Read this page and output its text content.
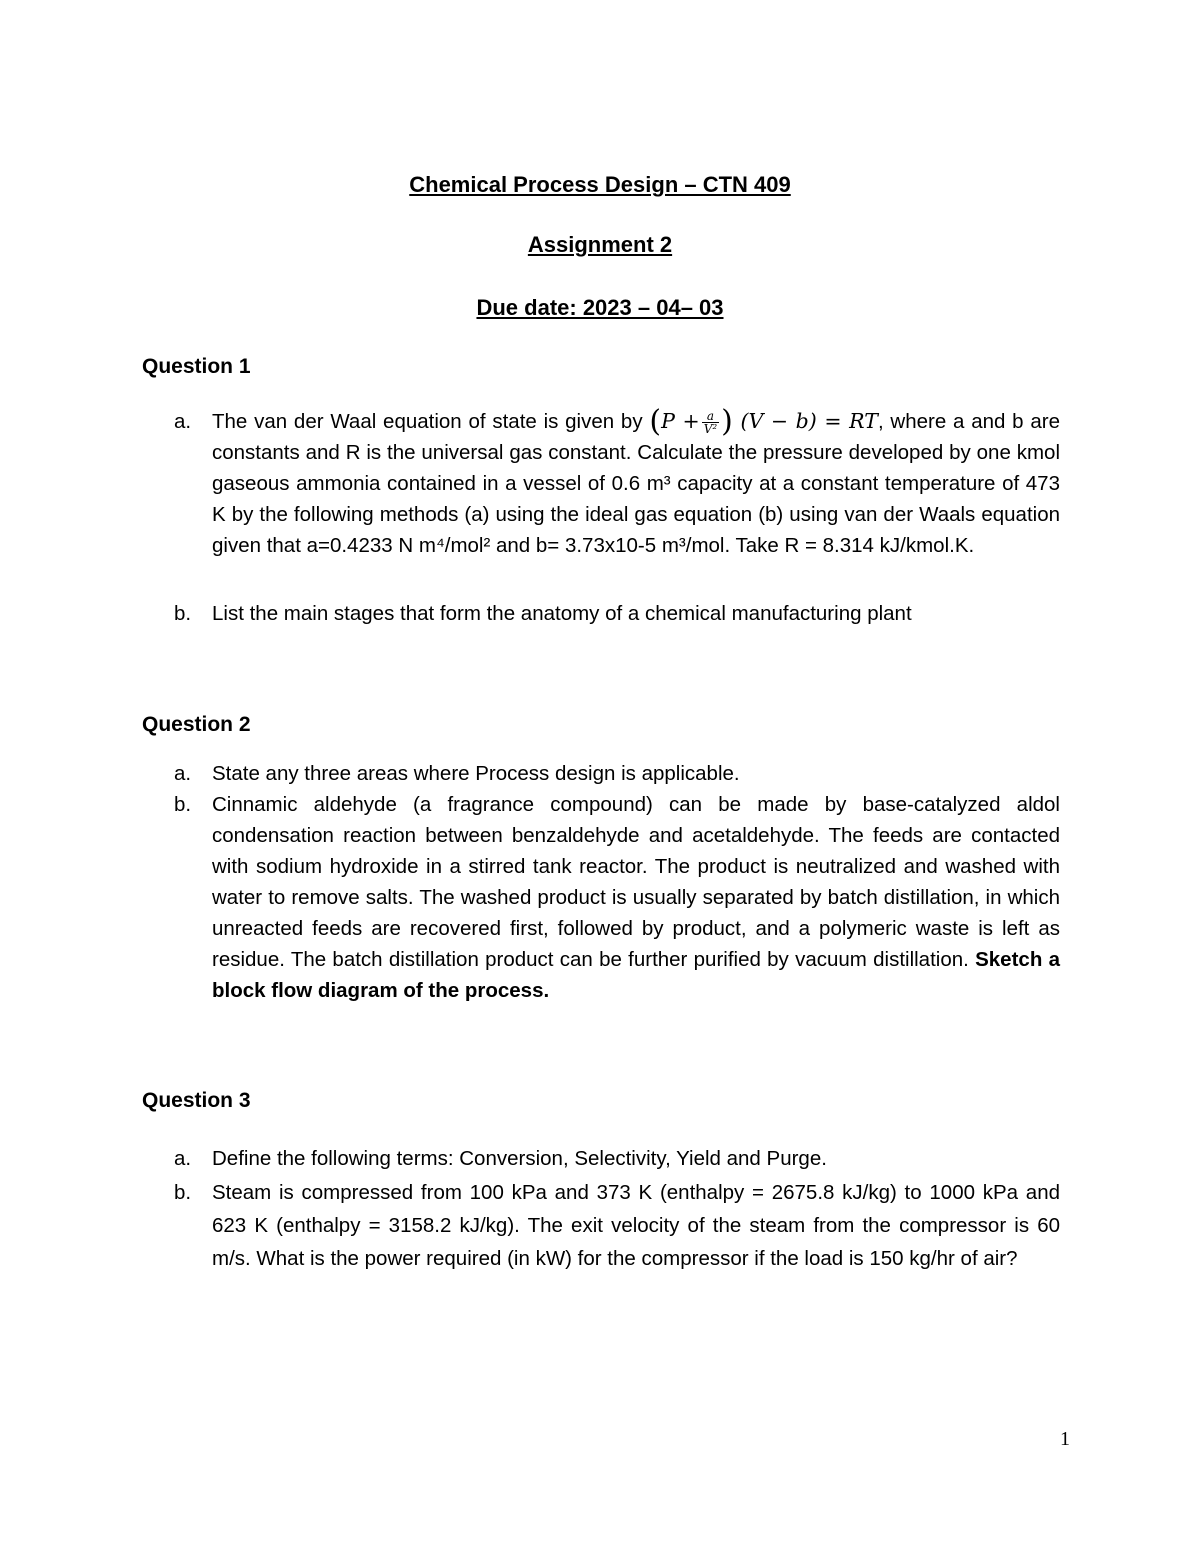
Chemical Process Design – CTN 409
Assignment 2
Due date: 2023 – 04– 03
Question 1
a. The van der Waal equation of state is given by ($P + \frac{a}{\text{V²}}$ ) (V − b) = RT, where a and b are constants and R is the universal gas constant. Calculate the pressure developed by one kmol gaseous ammonia contained in a vessel of 0.6 m³ capacity at a constant temperature of 473 K by the following methods (a) using the ideal gas equation (b) using van der Waals equation given that a=0.4233 N m⁴/mol² and b= 3.73x10-5 m³/mol. Take R = 8.314 kJ/kmol.K.
b. List the main stages that form the anatomy of a chemical manufacturing plant
Question 2
a. State any three areas where Process design is applicable.
b. Cinnamic aldehyde (a fragrance compound) can be made by base-catalyzed aldol condensation reaction between benzaldehyde and acetaldehyde. The feeds are contacted with sodium hydroxide in a stirred tank reactor. The product is neutralized and washed with water to remove salts. The washed product is usually separated by batch distillation, in which unreacted feeds are recovered first, followed by product, and a polymeric waste is left as residue. The batch distillation product can be further purified by vacuum distillation. Sketch a block flow diagram of the process.
Question 3
a. Define the following terms: Conversion, Selectivity, Yield and Purge.
b. Steam is compressed from 100 kPa and 373 K (enthalpy = 2675.8 kJ/kg) to 1000 kPa and 623 K (enthalpy = 3158.2 kJ/kg). The exit velocity of the steam from the compressor is 60 m/s. What is the power required (in kW) for the compressor if the load is 150 kg/hr of air?
1
